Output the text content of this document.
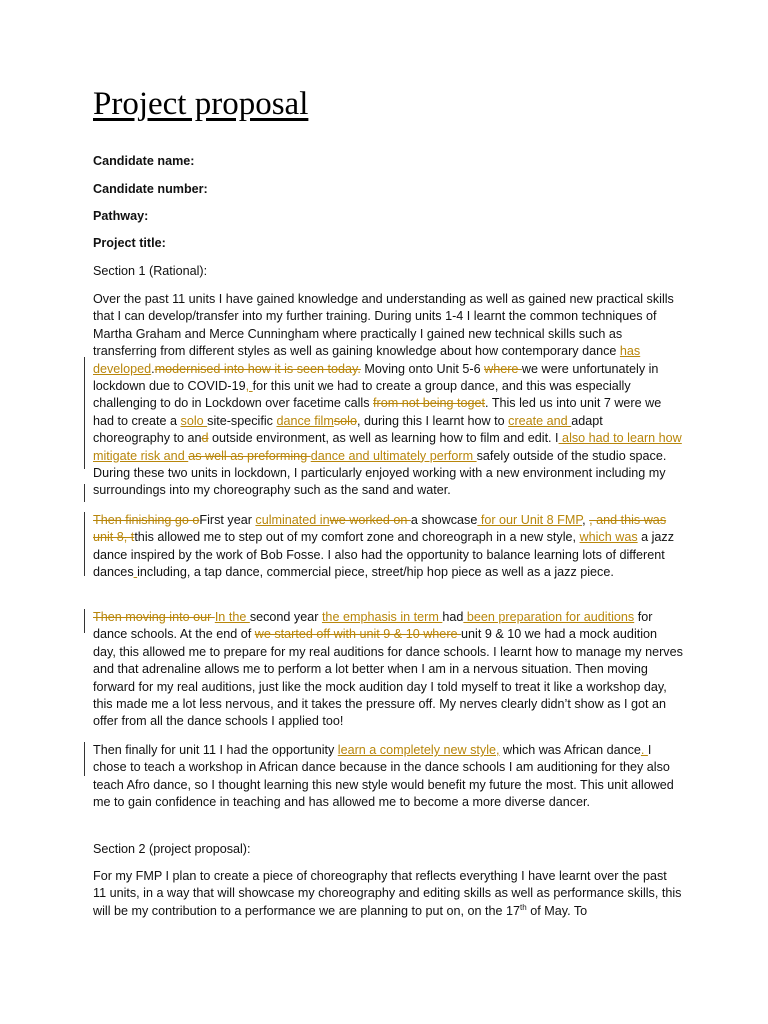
Project proposal
Candidate name:
Candidate number:
Pathway:
Project title:
Section 1 (Rational):
Over the past 11 units I have gained knowledge and understanding as well as gained new practical skills that I can develop/transfer into my further training. During units 1-4 I learnt the common techniques of Martha Graham and Merce Cunningham where practically I gained new technical skills such as transferring from different styles as well as gaining knowledge about how contemporary dance has developed.modernised into how it is seen today. Moving onto Unit 5-6 where we were unfortunately in lockdown due to COVID-19, for this unit we had to create a group dance, and this was especially challenging to do in Lockdown over facetime calls from not being toget. This led us into unit 7 were we had to create a solo site-specific dance filmsolo, during this I learnt how to create and adapt choreography to and outside environment, as well as learning how to film and edit. I also had to learn how mitigate risk and as well as preforming dance and ultimately perform safely outside of the studio space. During these two units in lockdown, I particularly enjoyed working with a new environment including my surroundings into my choreography such as the sand and water.
Then finishing go oFirst year culminated inwe worked on a showcase for our Unit 8 FMP, , and this was unit 8, tthis allowed me to step out of my comfort zone and choreograph in a new style, which was a jazz dance inspired by the work of Bob Fosse. I also had the opportunity to balance learning lots of different dances including, a tap dance, commercial piece, street/hip hop piece as well as a jazz piece.
Then moving into our In the second year the emphasis in term had been preparation for auditions for dance schools. At the end of we started off with unit 9 & 10 where unit 9 & 10 we had a mock audition day, this allowed me to prepare for my real auditions for dance schools. I learnt how to manage my nerves and that adrenaline allows me to perform a lot better when I am in a nervous situation. Then moving forward for my real auditions, just like the mock audition day I told myself to treat it like a workshop day, this made me a lot less nervous, and it takes the pressure off. My nerves clearly didn’t show as I got an offer from all the dance schools I applied too!
Then finally for unit 11 I had the opportunity learn a completely new style, which was African dance. I chose to teach a workshop in African dance because in the dance schools I am auditioning for they also teach Afro dance, so I thought learning this new style would benefit my future the most. This unit allowed me to gain confidence in teaching and has allowed me to become a more diverse dancer.
Section 2 (project proposal):
For my FMP I plan to create a piece of choreography that reflects everything I have learnt over the past 11 units, in a way that will showcase my choreography and editing skills as well as performance skills, this will be my contribution to a performance we are planning to put on, on the 17th of May. To
